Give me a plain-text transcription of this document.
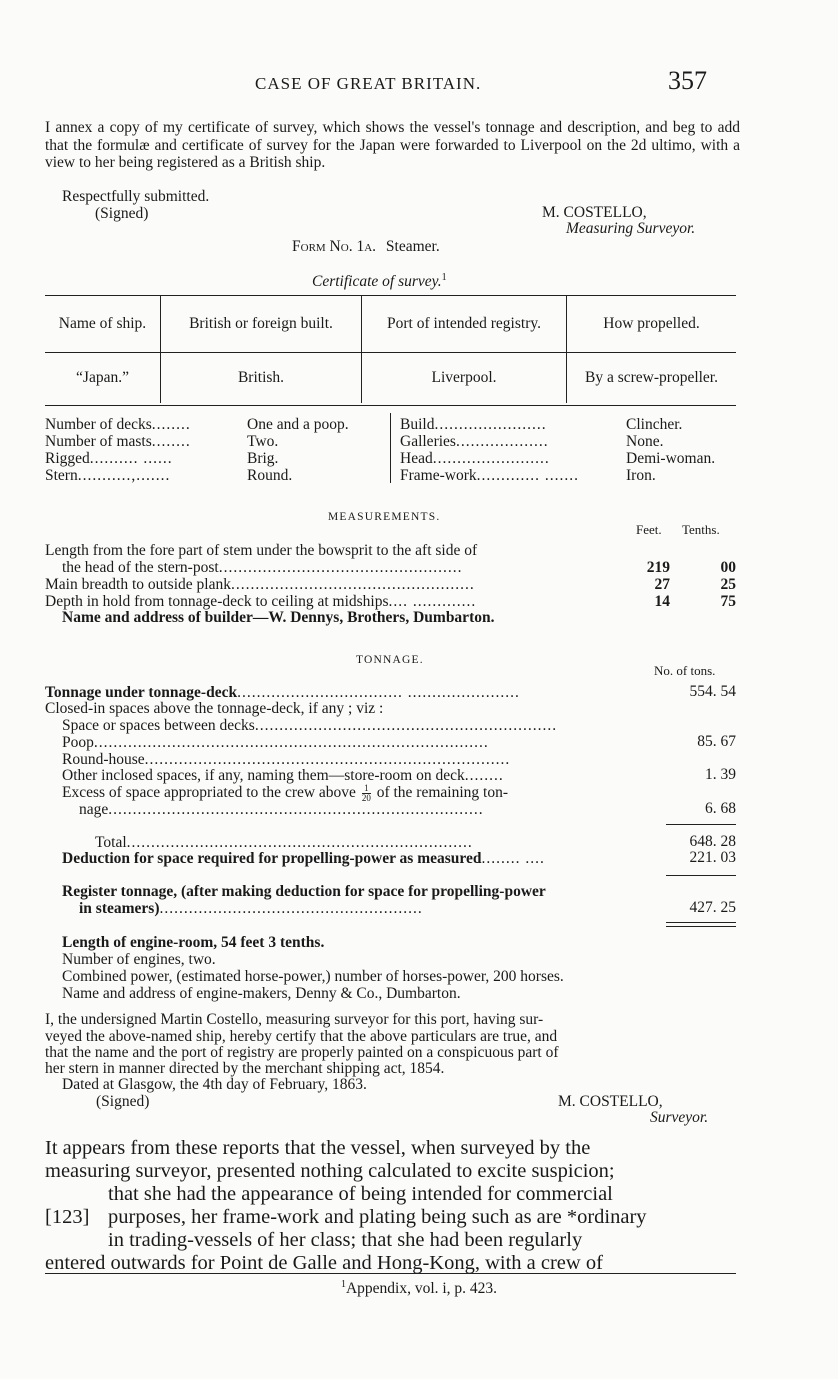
CASE OF GREAT BRITAIN.	357
I annex a copy of my certificate of survey, which shows the vessel's tonnage and description, and beg to add that the formulæ and certificate of survey for the Japan were forwarded to Liverpool on the 2d ultimo, with a view to her being registered as a British ship.
Respectfully submitted.
(Signed)	M. COSTELLO,
Measuring Surveyor.
Form No. 1a. Steamer.
Certificate of survey.$^1$
Name of ship.	British or foreign built.	Port of intended registry.	How propelled.
“Japan.”	British.	Liverpool.	By a screw-propeller.
Number of decks........	One and a poop.
Number of masts........	Two.
Rigged.......... ......	Brig.
Stern...........,.......	Round.
Build.......................	Clincher.
Galleries...................	None.
Head........................	Demi-woman.
Frame-work............. .......	Iron.
MEASUREMENTS.
Feet. Tenths.
Length from the fore part of stem under the bowsprit to the aft side of
the head of the stern-post..................................................	219	00
Main breadth to outside plank..................................................	27	25
Depth in hold from tonnage-deck to ceiling at midships.... .............	14	75
Name and address of builder—W. Dennys, Brothers, Dumbarton.
TONNAGE.
No. of tons.
Tonnage under tonnage-deck.................................. .......................	554. 54
Closed-in spaces above the tonnage-deck, if any ; viz :
Space or spaces between decks..............................................................
Poop.................................................................................	85. 67
Round-house...........................................................................
Other inclosed spaces, if any, naming them—store-room on deck........	1. 39
Excess of space appropriated to the crew above $\frac{1}{20}$ of the remaining ton-
nage.............................................................................	6. 68
Total.......................................................................	648. 28
Deduction for space required for propelling-power as measured........ ....	221. 03
Register tonnage, (after making deduction for space for propelling-power
in steamers)......................................................	427. 25
Length of engine-room, 54 feet 3 tenths.
Number of engines, two.
Combined power, (estimated horse-power,) number of horses-power, 200 horses.
Name and address of engine-makers, Denny & Co., Dumbarton.
I, the undersigned Martin Costello, measuring surveyor for this port, having sur-
veyed the above-named ship, hereby certify that the above particulars are true, and
that the name and the port of registry are properly painted on a conspicuous part of
her stern in manner directed by the merchant shipping act, 1854.
Dated at Glasgow, the 4th day of February, 1863.
(Signed)	M. COSTELLO,
Surveyor.
It appears from these reports that the vessel, when surveyed by the
measuring surveyor, presented nothing calculated to excite suspicion;
that she had the appearance of being intended for commercial
[123] purposes, her frame-work and plating being such as are *ordinary
in trading-vessels of her class; that she had been regularly
entered outwards for Point de Galle and Hong-Kong, with a crew of
$^1$Appendix, vol. i, p. 423.
